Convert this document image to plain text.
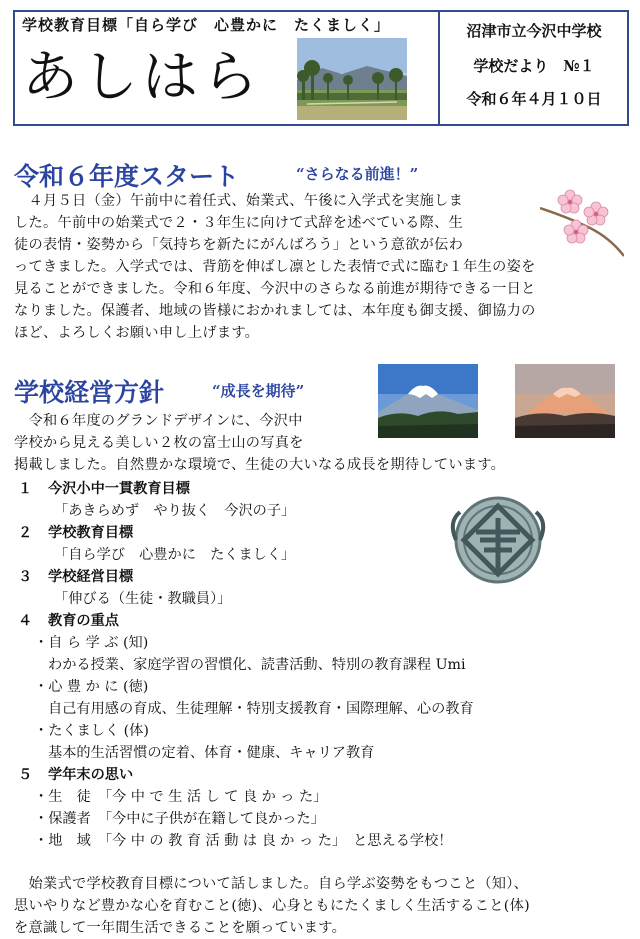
学校教育目標「自ら学び　心豊かに　たくましく」
あしはら
沼津市立今沢中学校
学校だより　№１
令和６年４月１０日
令和６年度スタート	“さらなる前進！”
　４月５日（金）午前中に着任式、始業式、午後に入学式を実施しま
した。午前中の始業式で２・３年生に向けて式辞を述べている際、生
徒の表情・姿勢から「気持ちを新たにがんばろう」という意欲が伝わ
ってきました。入学式では、背筋を伸ばし凛とした表情で式に臨む１年生の姿を
見ることができました。令和６年度、今沢中のさらなる前進が期待できる一日と
なりました。保護者、地域の皆様におかれましては、本年度も御支援、御協力の
ほど、よろしくお願い申し上げます。
学校経営方針	“成長を期待”
　令和６年度のグランドデザインに、今沢中
学校から見える美しい２枚の富士山の写真を
掲載しました。自然豊かな環境で、生徒の大いなる成長を期待しています。
１ 今沢小中一貫教育目標
「あきらめず　やり抜く　今沢の子」
２ 学校教育目標
「自ら学び　心豊かに　たくましく」
３ 学校経営目標
「伸びる（生徒・教職員）」
４ 教育の重点
・自 ら 学 ぶ (知)
わかる授業、家庭学習の習慣化、読書活動、特別の教育課程 Umi
・心 豊 か に (徳)
自己有用感の育成、生徒理解・特別支援教育・国際理解、心の教育
・たくましく (体)
基本的生活習慣の定着、体育・健康、キャリア教育
５ 学年末の思い
・生　徒　「今 中 で 生 活 し て 良 か っ た」
・保護者　「今中に子供が在籍して良かった」
・地　域　「今 中 の 教 育 活 動 は 良 か っ た」　と思える学校！
　始業式で学校教育目標について話しました。自ら学ぶ姿勢をもつこと（知）、
思いやりなど豊かな心を育むこと(徳)、心身ともにたくましく生活すること(体)
を意識して一年間生活できることを願っています。
